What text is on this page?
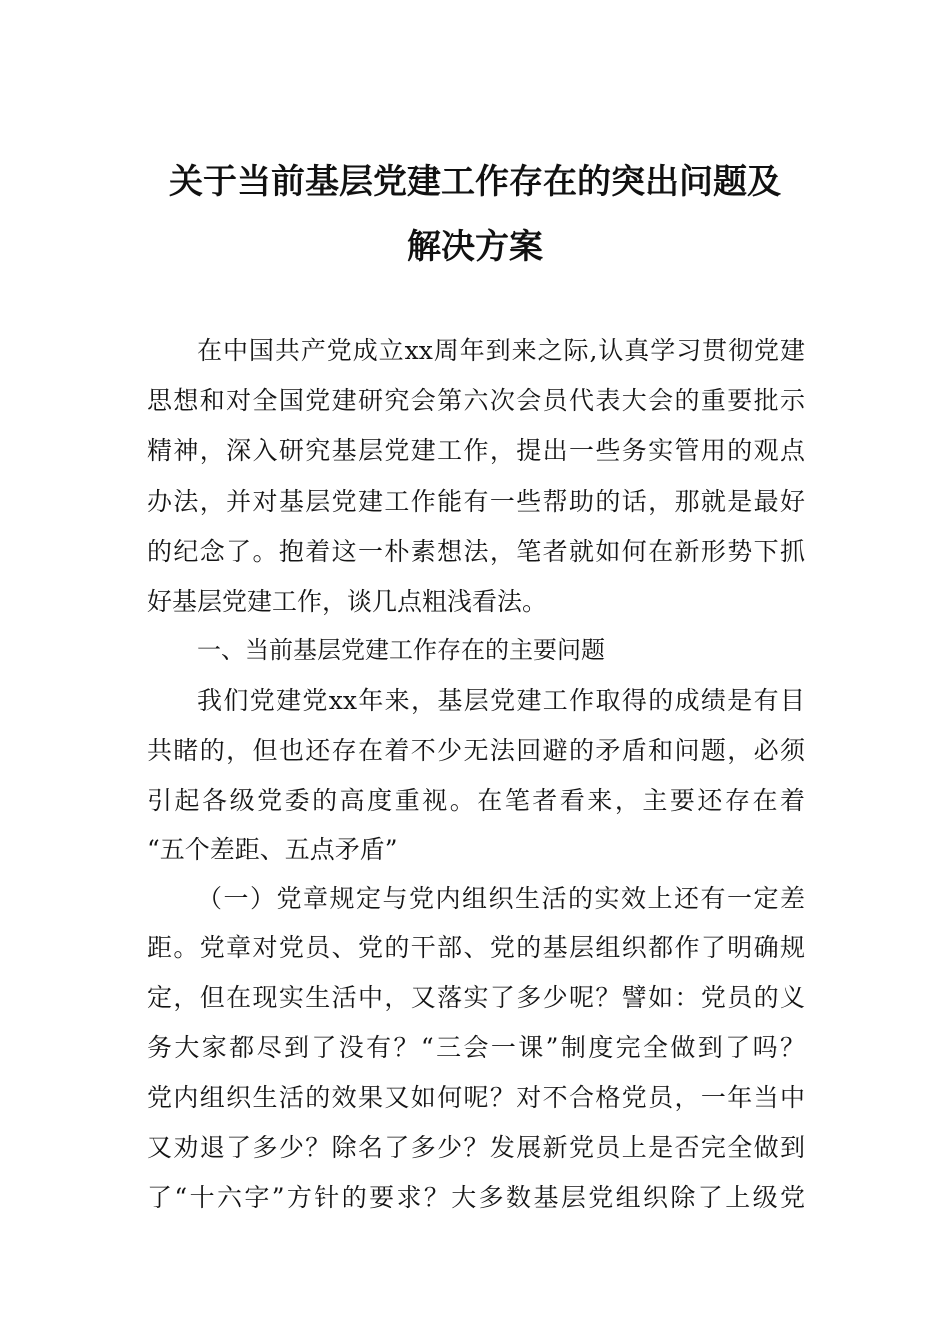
关于当前基层党建工作存在的突出问题及
解决方案
在中国共产党成立xx周年到来之际,认真学习贯彻党建
思想和对全国党建研究会第六次会员代表大会的重要批示
精神，深入研究基层党建工作，提出一些务实管用的观点
办法，并对基层党建工作能有一些帮助的话，那就是最好
的纪念了。抱着这一朴素想法，笔者就如何在新形势下抓
好基层党建工作，谈几点粗浅看法。
一、当前基层党建工作存在的主要问题
我们党建党xx年来，基层党建工作取得的成绩是有目
共睹的，但也还存在着不少无法回避的矛盾和问题，必须
引起各级党委的高度重视。在笔者看来，主要还存在着
“五个差距、五点矛盾”
（一）党章规定与党内组织生活的实效上还有一定差
距。党章对党员、党的干部、党的基层组织都作了明确规
定，但在现实生活中，又落实了多少呢？譬如：党员的义
务大家都尽到了没有？“三会一课”制度完全做到了吗？
党内组织生活的效果又如何呢？对不合格党员，一年当中
又劝退了多少？除名了多少？发展新党员上是否完全做到
了“十六字”方针的要求？大多数基层党组织除了上级党
